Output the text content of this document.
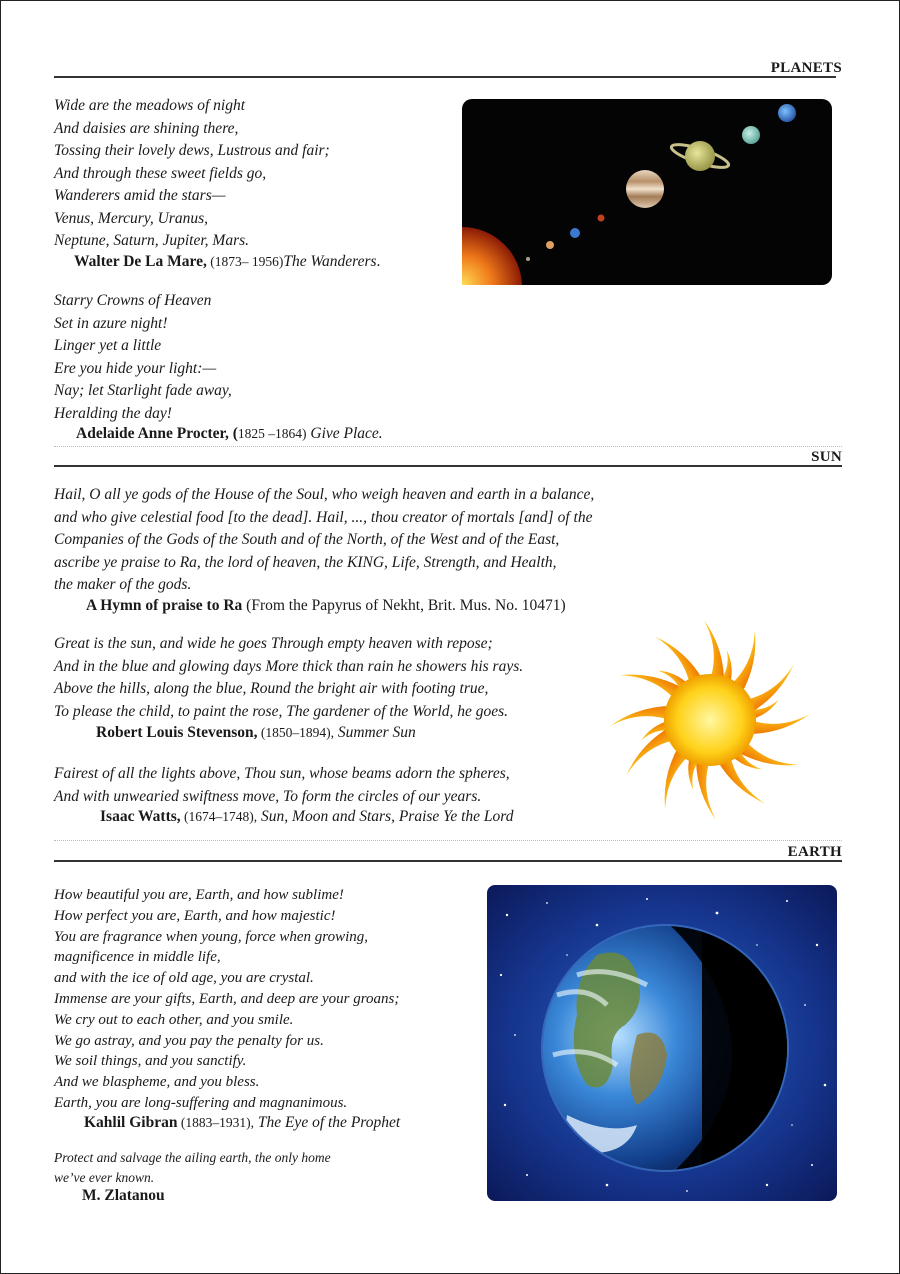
PLANETS
Wide are the meadows of night
And daisies are shining there,
Tossing their lovely dews, Lustrous and fair;
And through these sweet fields go,
Wanderers amid the stars—
Venus, Mercury, Uranus,
Neptune, Saturn, Jupiter, Mars.
Walter De La Mare, (1873– 1956)The Wanderers.
Starry Crowns of Heaven
Set in azure night!
Linger yet a little
Ere you hide your light:—
Nay; let Starlight fade away,
Heralding the day!
Adelaide Anne Procter, (1825 –1864) Give Place.
SUN
Hail, O all ye gods of the House of the Soul, who weigh heaven and earth in a balance,
and who give celestial food [to the dead]. Hail, ..., thou creator of mortals [and] of the
Companies of the Gods of the South and of the North, of the West and of the East,
ascribe ye praise to Ra, the lord of heaven, the KING, Life, Strength, and Health,
the maker of the gods.
A Hymn of praise to Ra (From the Papyrus of Nekht, Brit. Mus. No. 10471)
Great is the sun, and wide he goes Through empty heaven with repose;
And in the blue and glowing days More thick than rain he showers his rays.
Above the hills, along the blue, Round the bright air with footing true,
To please the child, to paint the rose, The gardener of the World, he goes.
Robert Louis Stevenson, (1850–1894), Summer Sun
Fairest of all the lights above, Thou sun, whose beams adorn the spheres,
And with unwearied swiftness move, To form the circles of our years.
Isaac Watts, (1674–1748), Sun, Moon and Stars, Praise Ye the Lord
EARTH
How beautiful you are, Earth, and how sublime!
How perfect you are, Earth, and how majestic!
You are fragrance when young, force when growing,
magnificence in middle life,
and with the ice of old age, you are crystal.
Immense are your gifts, Earth, and deep are your groans;
We cry out to each other, and you smile.
We go astray, and you pay the penalty for us.
We soil things, and you sanctify.
And we blaspheme, and you bless.
Earth, you are long-suffering and magnanimous.
Kahlil Gibran (1883–1931), The Eye of the Prophet
Protect and salvage the ailing earth, the only home
we’ve ever known.
M. Zlatanou
